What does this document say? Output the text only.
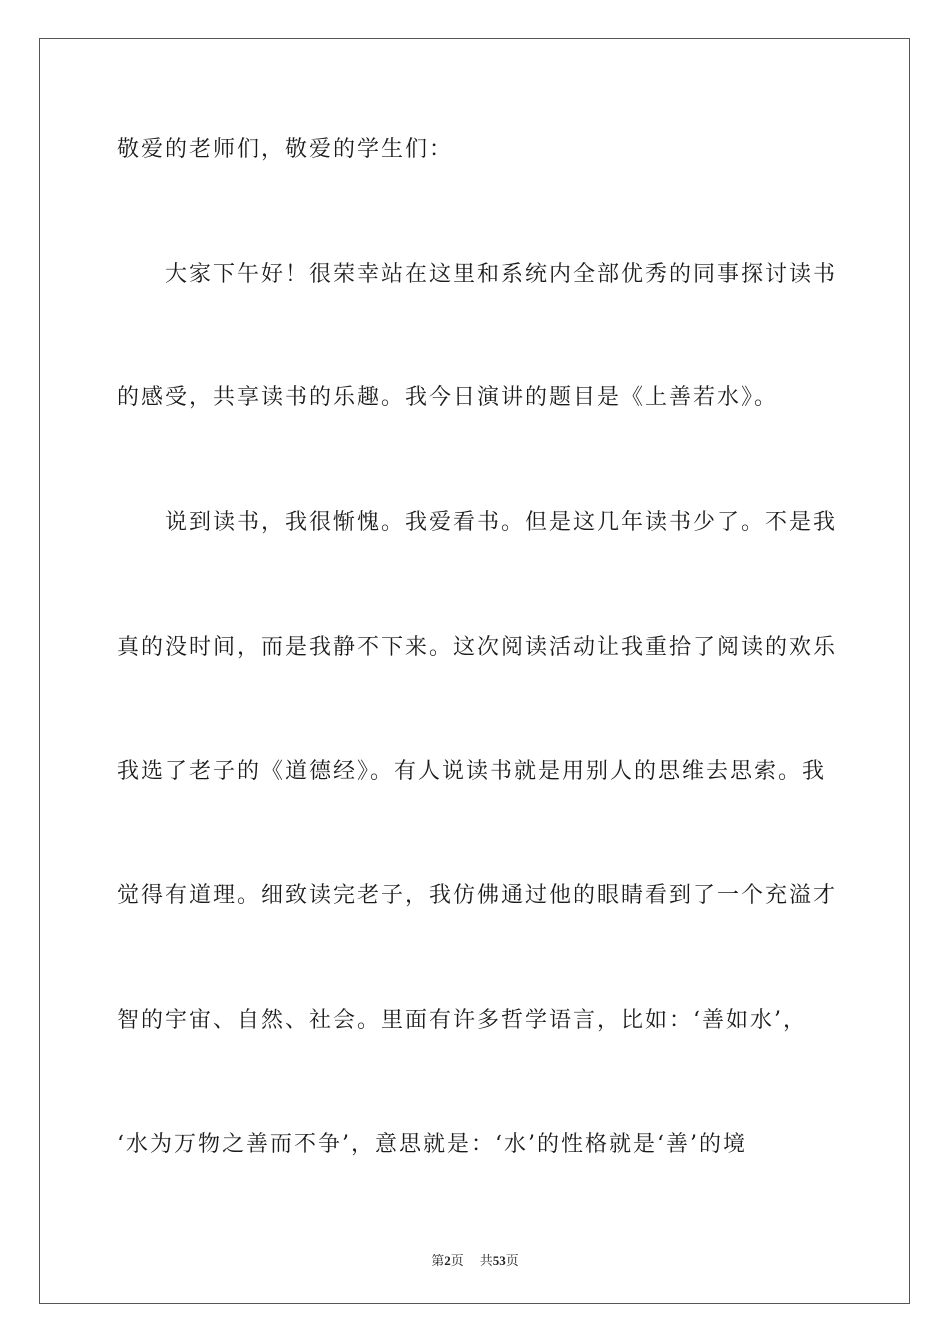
敬爱的老师们，敬爱的学生们：
大家下午好！很荣幸站在这里和系统内全部优秀的同事探讨读书
的感受，共享读书的乐趣。我今日演讲的题目是《上善若水》。
说到读书，我很惭愧。我爱看书。但是这几年读书少了。不是我
真的没时间，而是我静不下来。这次阅读活动让我重拾了阅读的欢乐
我选了老子的《道德经》。有人说读书就是用别人的思维去思索。我
觉得有道理。细致读完老子，我仿佛通过他的眼睛看到了一个充溢才
智的宇宙、自然、社会。里面有许多哲学语言，比如：‘善如水’，
‘水为万物之善而不争’，意思就是：‘水’的性格就是‘善’的境
第2页 共53页
